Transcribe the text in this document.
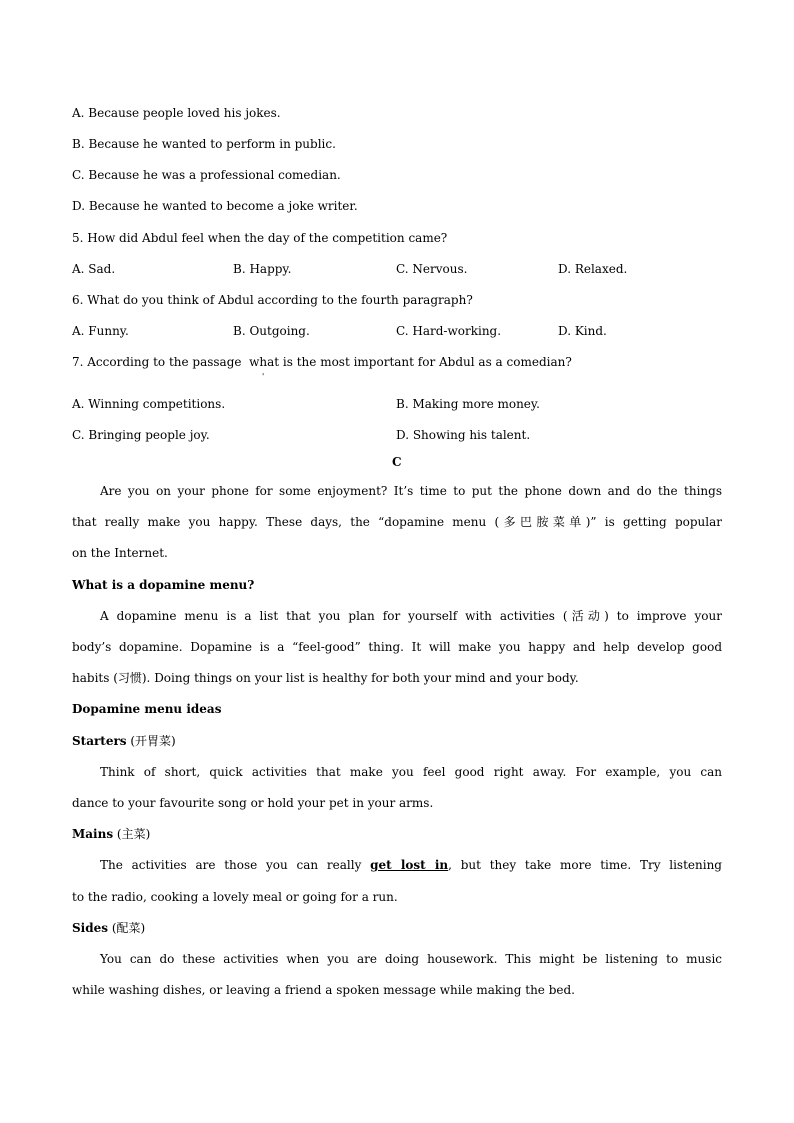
A. Because people loved his jokes.
B. Because he wanted to perform in public.
C. Because he was a professional comedian.
D. Because he wanted to become a joke writer.
5. How did Abdul feel when the day of the competition came?
A. Sad.	B. Happy.	C. Nervous.	D. Relaxed.
6. What do you think of Abdul according to the fourth paragraph?
A. Funny.	B. Outgoing.	C. Hard-working.	D. Kind.
7. According to the passage  what is the most important for Abdul as a comedian?
'
A. Winning competitions.	B. Making more money.
C. Bringing people joy.	D. Showing his talent.
C
Are you on your phone for some enjoyment? It’s time to put the phone down and do the things
that really make you happy. These days, the “dopamine menu (多巴胺菜单)” is getting popular
on the Internet.
What is a dopamine menu?
A dopamine menu is a list that you plan for yourself with activities (活动) to improve your
body’s dopamine. Dopamine is a “feel-good” thing. It will make you happy and help develop good
habits (习惯). Doing things on your list is healthy for both your mind and your body.
Dopamine menu ideas
Starters (开胃菜)
Think of short, quick activities that make you feel good right away. For example, you can
dance to your favourite song or hold your pet in your arms.
Mains (主菜)
The activities are those you can really get lost in, but they take more time. Try listening
to the radio, cooking a lovely meal or going for a run.
Sides (配菜)
You can do these activities when you are doing housework. This might be listening to music
while washing dishes, or leaving a friend a spoken message while making the bed.
